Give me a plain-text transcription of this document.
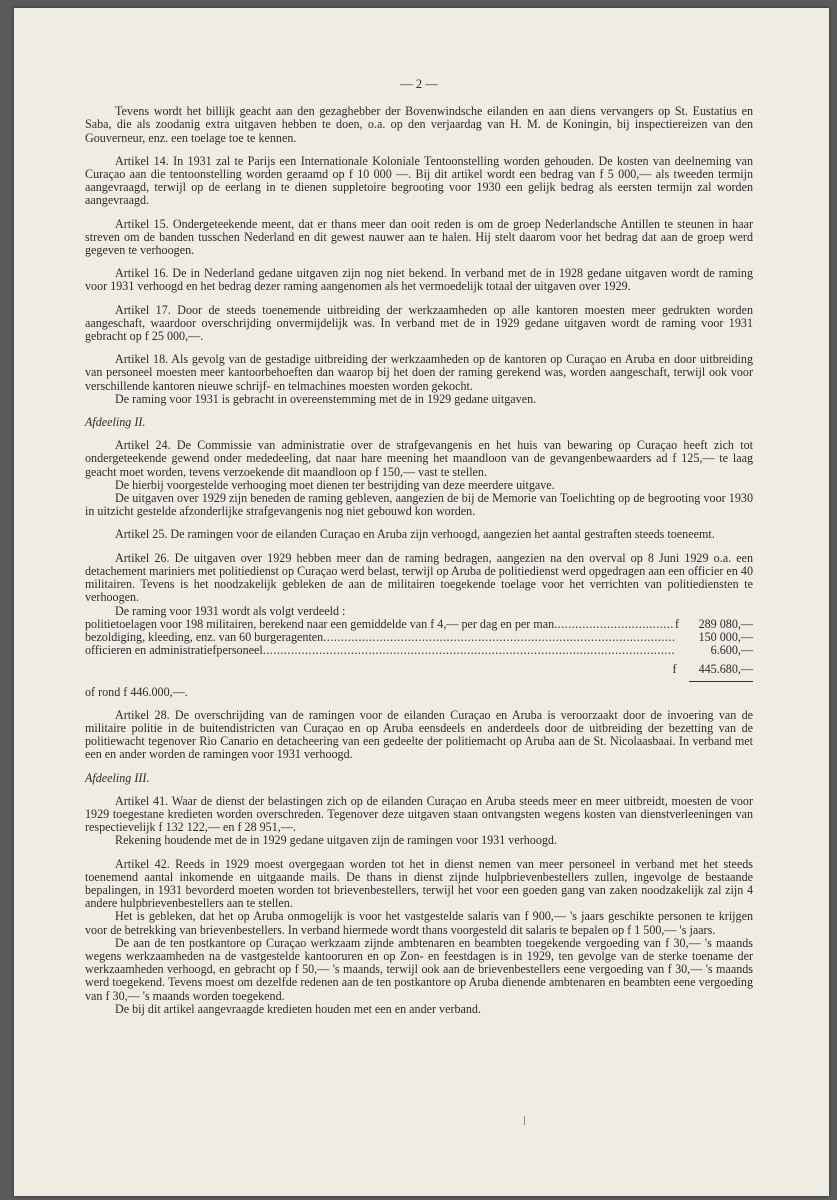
— 2 —

Tevens wordt het billijk geacht aan den gezaghebber der Bovenwindsche eilanden en aan diens vervangers op St. Eustatius en Saba, die als zoodanig extra uitgaven hebben te doen, o.a. op den verjaardag van H. M. de Koningin, bij inspectiereizen van den Gouverneur, enz. een toelage toe te kennen.

Artikel 14. In 1931 zal te Parijs een Internationale Koloniale Tentoonstelling worden gehouden. De kosten van deelneming van Curaçao aan die tentoonstelling worden geraamd op f 10 000 —. Bij dit artikel wordt een bedrag van f 5 000,— als tweeden termijn aangevraagd, terwijl op de eerlang in te dienen suppletoire begrooting voor 1930 een gelijk bedrag als eersten termijn zal worden aangevraagd.

Artikel 15. Ondergeteekende meent, dat er thans meer dan ooit reden is om de groep Nederlandsche Antillen te steunen in haar streven om de banden tusschen Nederland en dit gewest nauwer aan te halen. Hij stelt daarom voor het bedrag dat aan de groep werd gegeven te verhoogen.

Artikel 16. De in Nederland gedane uitgaven zijn nog niet bekend. In verband met de in 1928 gedane uitgaven wordt de raming voor 1931 verhoogd en het bedrag dezer raming aangenomen als het vermoedelijk totaal der uitgaven over 1929.

Artikel 17. Door de steeds toenemende uitbreiding der werkzaamheden op alle kantoren moesten meer gedrukten worden aangeschaft, waardoor overschrijding onvermijdelijk was. In verband met de in 1929 gedane uitgaven wordt de raming voor 1931 gebracht op f 25 000,—.

Artikel 18. Als gevolg van de gestadige uitbreiding der werkzaamheden op de kantoren op Curaçao en Aruba en door uitbreiding van personeel moesten meer kantoorbehoeften dan waarop bij het doen der raming gerekend was, worden aangeschaft, terwijl ook voor verschillende kantoren nieuwe schrijf- en telmachines moesten worden gekocht.

De raming voor 1931 is gebracht in overeenstemming met de in 1929 gedane uitgaven.

Afdeeling II.

Artikel 24. De Commissie van administratie over de strafgevangenis en het huis van bewaring op Curaçao heeft zich tot ondergeteekende gewend onder mededeeling, dat naar hare meening het maandloon van de gevangenbewaarders ad f 125,— te laag geacht moet worden, tevens verzoekende dit maandloon op f 150,— vast te stellen.

De hierbij voorgestelde verhooging moet dienen ter bestrijding van deze meerdere uitgave.

De uitgaven over 1929 zijn beneden de raming gebleven, aangezien de bij de Memorie van Toelichting op de begrooting voor 1930 in uitzicht gestelde afzonderlijke strafgevangenis nog niet gebouwd kon worden.

Artikel 25. De ramingen voor de eilanden Curaçao en Aruba zijn verhoogd, aangezien het aantal gestraften steeds toeneemt.

Artikel 26. De uitgaven over 1929 hebben meer dan de raming bedragen, aangezien na den overval op 8 Juni 1929 o.a. een detachement mariniers met politiedienst op Curaçao werd belast, terwijl op Aruba de politiedienst werd opgedragen aan een officier en 40 militairen. Tevens is het noodzakelijk gebleken de aan de militairen toegekende toelage voor het verrichten van politiediensten te verhoogen.

De raming voor 1931 wordt als volgt verdeeld :

politietoelagen voor 198 militairen, berekend naar een gemiddelde van f 4,— per dag en per man .....	f	289 080,—
bezoldiging, kleeding, enz. van 60 burgeragenten .....	150 000,—
officieren en administratiefpersoneel .....	6.600,—
f 445.680,—

of rond f 446.000,—.

Artikel 28. De overschrijding van de ramingen voor de eilanden Curaçao en Aruba is veroorzaakt door de invoering van de militaire politie in de buitendistricten van Curaçao en op Aruba eensdeels en anderdeels door de uitbreiding der bezetting van de politiewacht tegenover Rio Canario en detacheering van een gedeelte der politiemacht op Aruba aan de St. Nicolaasbaai. In verband met een en ander worden de ramingen voor 1931 verhoogd.

Afdeeling III.

Artikel 41. Waar de dienst der belastingen zich op de eilanden Curaçao en Aruba steeds meer en meer uitbreidt, moesten de voor 1929 toegestane kredieten worden overschreden. Tegenover deze uitgaven staan ontvangsten wegens kosten van dienstverleeningen van respectievelijk f 132 122,— en f 28 951,—.

Rekening houdende met de in 1929 gedane uitgaven zijn de ramingen voor 1931 verhoogd.

Artikel 42. Reeds in 1929 moest overgegaan worden tot het in dienst nemen van meer personeel in verband met het steeds toenemend aantal inkomende en uitgaande mails. De thans in dienst zijnde hulpbrievenbestellers zullen, ingevolge de bestaande bepalingen, in 1931 bevorderd moeten worden tot brievenbestellers, terwijl het voor een goeden gang van zaken noodzakelijk zal zijn 4 andere hulpbrievenbestellers aan te stellen.

Het is gebleken, dat het op Aruba onmogelijk is voor het vastgestelde salaris van f 900,— 's jaars geschikte personen te krijgen voor de betrekking van brievenbestellers. In verband hiermede wordt thans voorgesteld dit salaris te bepalen op f 1 500,— 's jaars.

De aan de ten postkantore op Curaçao werkzaam zijnde ambtenaren en beambten toegekende vergoeding van f 30,— 's maands wegens werkzaamheden na de vastgestelde kantooruren en op Zon- en feestdagen is in 1929, ten gevolge van de sterke toename der werkzaamheden verhoogd, en gebracht op f 50,— 's maands, terwijl ook aan de brievenbestellers eene vergoeding van f 30,— 's maands werd toegekend. Tevens moest om dezelfde redenen aan de ten postkantore op Aruba dienende ambtenaren en beambten eene vergoeding van f 30,— 's maands worden toegekend.

De bij dit artikel aangevraagde kredieten houden met een en ander verband.
